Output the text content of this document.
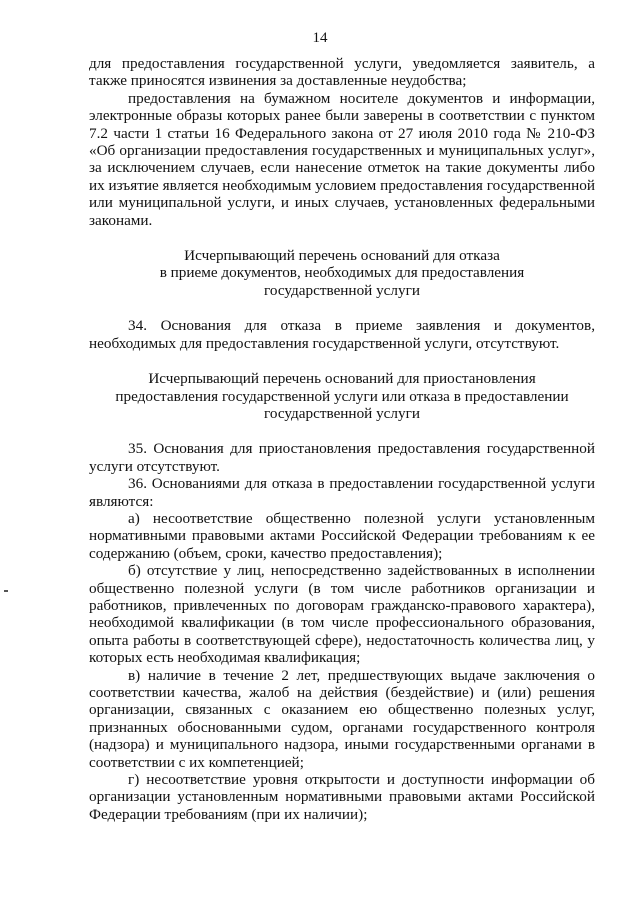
14

для предоставления государственной услуги, уведомляется заявитель, а также приносятся извинения за доставленные неудобства;

предоставления на бумажном носителе документов и информации, электронные образы которых ранее были заверены в соответствии с пунктом 7.2 части 1 статьи 16 Федерального закона от 27 июля 2010 года № 210-ФЗ «Об организации предоставления государственных и муниципальных услуг», за исключением случаев, если нанесение отметок на такие документы либо их изъятие является необходимым условием предоставления государственной или муниципальной услуги, и иных случаев, установленных федеральными законами.

Исчерпывающий перечень оснований для отказа
в приеме документов, необходимых для предоставления
государственной услуги

34. Основания для отказа в приеме заявления и документов, необходимых для предоставления государственной услуги, отсутствуют.

Исчерпывающий перечень оснований для приостановления
предоставления государственной услуги или отказа в предоставлении
государственной услуги

35. Основания для приостановления предоставления государственной услуги отсутствуют.

36. Основаниями для отказа в предоставлении государственной услуги являются:

а) несоответствие общественно полезной услуги установленным нормативными правовыми актами Российской Федерации требованиям к ее содержанию (объем, сроки, качество предоставления);

б) отсутствие у лиц, непосредственно задействованных в исполнении общественно полезной услуги (в том числе работников организации и работников, привлеченных по договорам гражданско-правового характера), необходимой квалификации (в том числе профессионального образования, опыта работы в соответствующей сфере), недостаточность количества лиц, у которых есть необходимая квалификация;

в) наличие в течение 2 лет, предшествующих выдаче заключения о соответствии качества, жалоб на действия (бездействие) и (или) решения организации, связанных с оказанием ею общественно полезных услуг, признанных обоснованными судом, органами государственного контроля (надзора) и муниципального надзора, иными государственными органами в соответствии с их компетенцией;

г) несоответствие уровня открытости и доступности информации об организации установленным нормативными правовыми актами Российской Федерации требованиям (при их наличии);
